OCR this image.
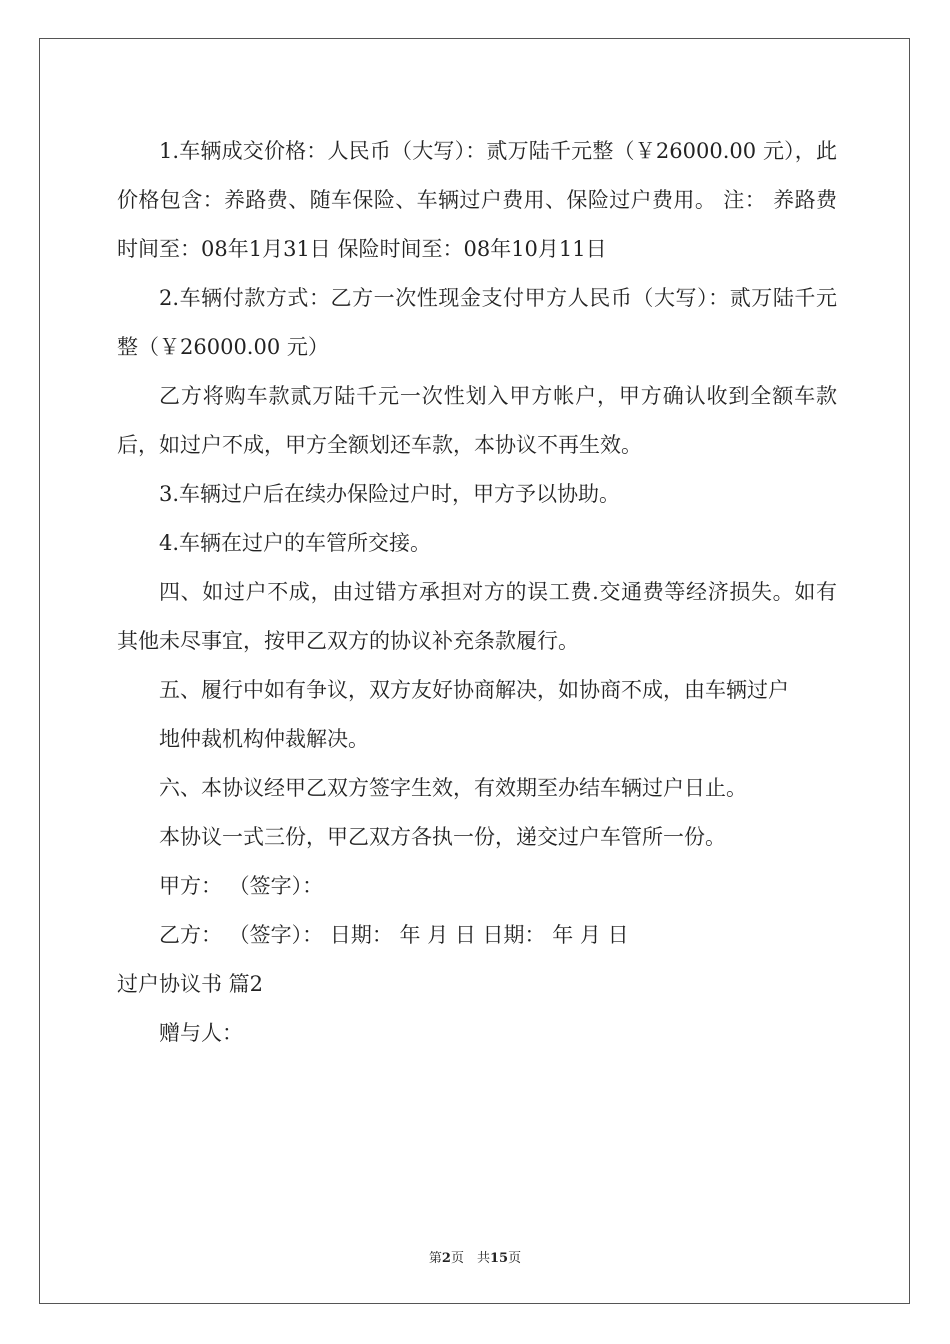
1.车辆成交价格：人民币（大写）：贰万陆千元整（￥26000.00 元），此价格包含：养路费、随车保险、车辆过户费用、保险过户费用。 注： 养路费时间至：08年1月31日 保险时间至：08年10月11日

2.车辆付款方式：乙方一次性现金支付甲方人民币（大写）：贰万陆千元整（￥26000.00 元）

乙方将购车款贰万陆千元一次性划入甲方帐户，甲方确认收到全额车款后，如过户不成，甲方全额划还车款，本协议不再生效。

3.车辆过户后在续办保险过户时，甲方予以协助。

4.车辆在过户的车管所交接。

四、如过户不成，由过错方承担对方的误工费.交通费等经济损失。如有其他未尽事宜，按甲乙双方的协议补充条款履行。

五、履行中如有争议，双方友好协商解决，如协商不成，由车辆过户

地仲裁机构仲裁解决。

六、本协议经甲乙双方签字生效，有效期至办结车辆过户日止。

本协议一式三份，甲乙双方各执一份，递交过户车管所一份。

甲方： （签字）：

乙方： （签字）： 日期： 年 月 日 日期： 年 月 日

过户协议书 篇2

赠与人：

第2页　共15页
